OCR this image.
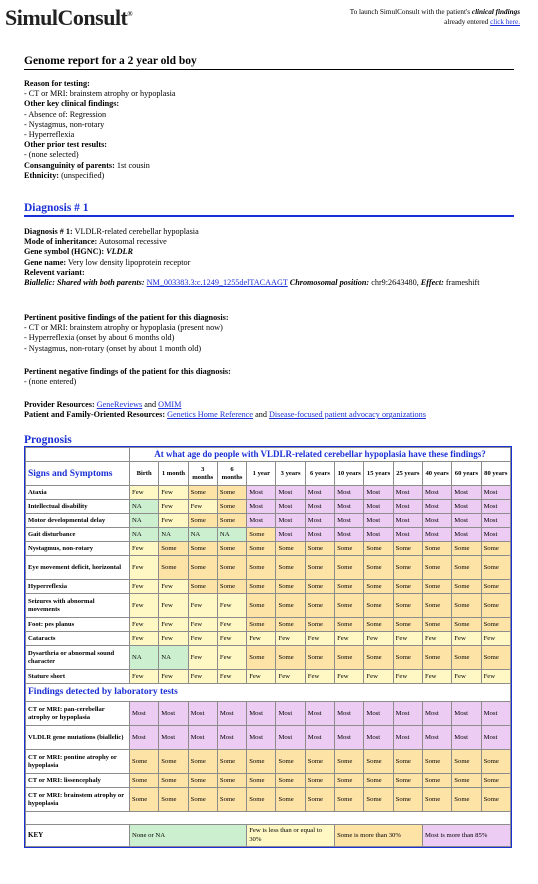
SimulConsult®	To launch SimulConsult with the patient's clinical findings
already entered click here.
Genome report for a 2 year old boy
Reason for testing:
- CT or MRI: brainstem atrophy or hypoplasia
Other key clinical findings:
- Absence of: Regression
- Nystagmus, non-rotary
- Hyperreflexia
Other prior test results:
- (none selected)
Consanguinity of parents: 1st cousin
Ethnicity: (unspecified)
Diagnosis # 1
Diagnosis # 1: VLDLR-related cerebellar hypoplasia
Mode of inheritance: Autosomal recessive
Gene symbol (HGNC): VLDLR
Gene name: Very low density lipoprotein receptor
Relevent variant:
Biallelic: Shared with both parents: NM_003383.3:c.1249_1255delTACAAGT Chromosomal position: chr9:2643480, Effect: frameshift
Pertinent positive findings of the patient for this diagnosis:
- CT or MRI: brainstem atrophy or hypoplasia (present now)
- Hyperreflexia (onset by about 6 months old)
- Nystagmus, non-rotary (onset by about 1 month old)
Pertinent negative findings of the patient for this diagnosis:
- (none entered)
Provider Resources: GeneReviews and OMIM
Patient and Family-Oriented Resources: Genetics Home Reference and Disease-focused patient advocacy organizations
Prognosis
	At what age do people with VLDLR-related cerebellar hypoplasia have these findings?												
Signs and Symptoms	Birth	1 month	3 months	6 months	1 year	3 years	6 years	10 years	15 years	25 years	40 years	60 years	80 years
Ataxia	Few	Few	Some	Some	Most	Most	Most	Most	Most	Most	Most	Most	Most
Intellectual disability	NA	Few	Few	Some	Most	Most	Most	Most	Most	Most	Most	Most	Most
Motor developmental delay	NA	Few	Some	Some	Most	Most	Most	Most	Most	Most	Most	Most	Most
Gait disturbance	NA	NA	NA	NA	Some	Most	Most	Most	Most	Most	Most	Most	Most
Nystagmus, non-rotary	Few	Some	Some	Some	Some	Some	Some	Some	Some	Some	Some	Some	Some
Eye movement deficit, horizontal	Few	Some	Some	Some	Some	Some	Some	Some	Some	Some	Some	Some	Some
Hyperreflexia	Few	Few	Some	Some	Some	Some	Some	Some	Some	Some	Some	Some	Some
Seizures with abnormal movements	Few	Few	Few	Few	Some	Some	Some	Some	Some	Some	Some	Some	Some
Foot: pes planus	Few	Few	Few	Few	Some	Some	Some	Some	Some	Some	Some	Some	Some
Cataracts	Few	Few	Few	Few	Few	Few	Few	Few	Few	Few	Few	Few	Few
Dysarthria or abnormal sound character	NA	NA	Few	Few	Some	Some	Some	Some	Some	Some	Some	Some	Some
Stature short	Few	Few	Few	Few	Few	Few	Few	Few	Few	Few	Few	Few	Few
Findings detected by laboratory tests													
CT or MRI: pan-cerebellar atrophy or hypoplasia	Most	Most	Most	Most	Most	Most	Most	Most	Most	Most	Most	Most	Most
VLDLR gene mutations (biallelic)	Most	Most	Most	Most	Most	Most	Most	Most	Most	Most	Most	Most	Most
CT or MRI: pontine atrophy or hypoplasia	Some	Some	Some	Some	Some	Some	Some	Some	Some	Some	Some	Some	Some
CT or MRI: lissencephaly	Some	Some	Some	Some	Some	Some	Some	Some	Some	Some	Some	Some	Some
CT or MRI: brainstem atrophy or hypoplasia	Some	Some	Some	Some	Some	Some	Some	Some	Some	Some	Some	Some	Some

KEY	None or NA				Few is less than or equal to 30%			Some is more than 30%			Most is more than 85%		
